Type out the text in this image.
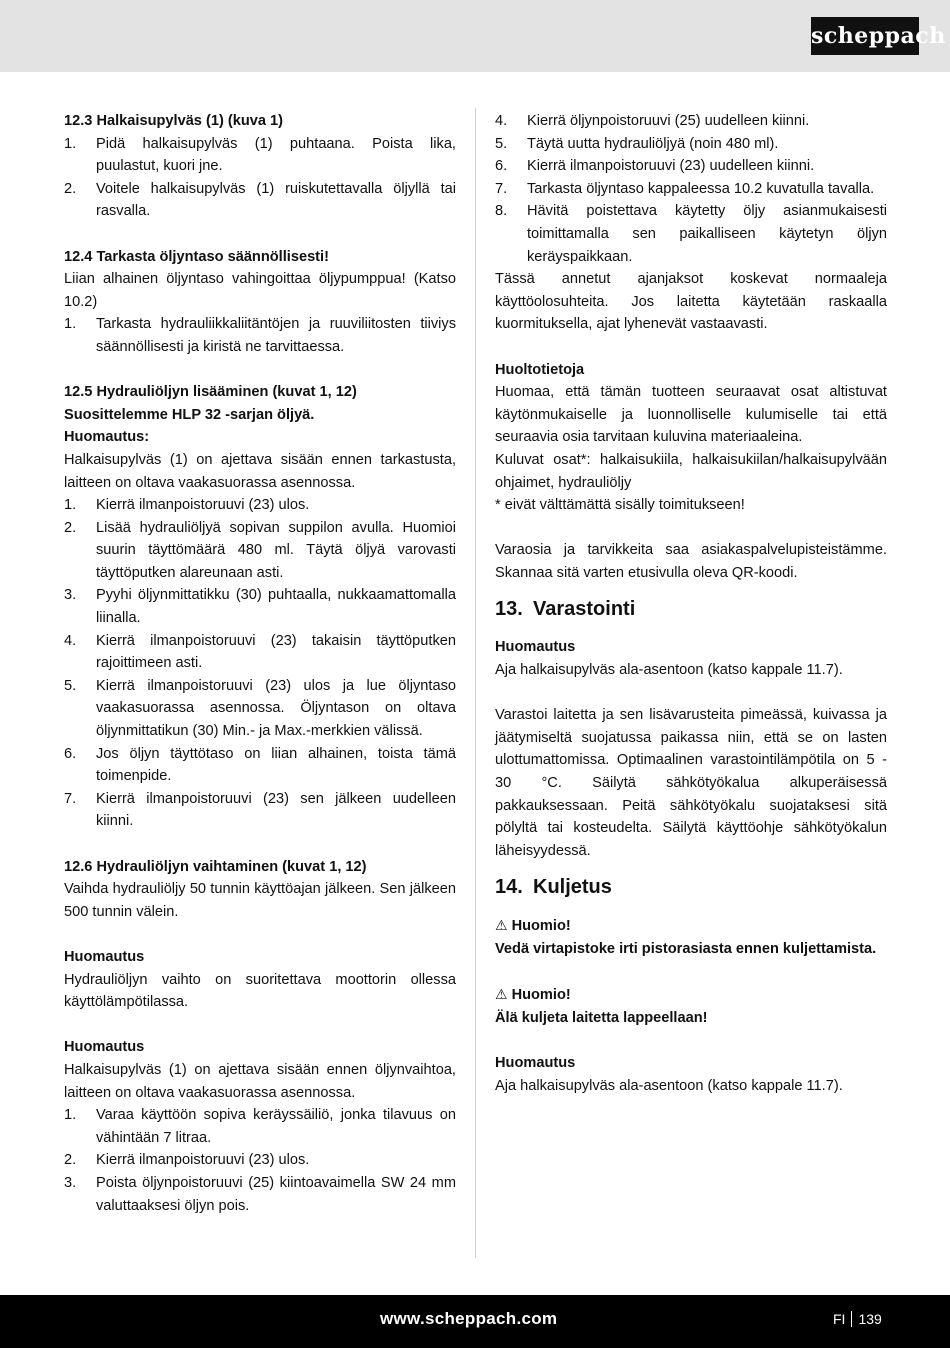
scheppach

12.3 Halkaisupylväs (1) (kuva 1)

1. Pidä halkaisupylväs (1) puhtaana. Poista lika, puulastut, kuori jne.
2. Voitele halkaisupylväs (1) ruiskutettavalla öljyllä tai rasvalla.

12.4 Tarkasta öljyntaso säännöllisesti!

Liian alhainen öljyntaso vahingoittaa öljypumppua! (Katso 10.2)

1. Tarkasta hydrauliikkaliitäntöjen ja ruuviliitosten tiiviys säännöllisesti ja kiristä ne tarvittaessa.

12.5 Hydrauliöljyn lisääminen (kuvat 1, 12)

Suosittelemme HLP 32 -sarjan öljyä.

Huomautus:

Halkaisupylväs (1) on ajettava sisään ennen tarkastusta, laitteen on oltava vaakasuorassa asennossa.

1. Kierrä ilmanpoistoruuvi (23) ulos.
2. Lisää hydrauliöljyä sopivan suppilon avulla. Huomioi suurin täyttömäärä 480 ml. Täytä öljyä varovasti täyttöputken alareunaan asti.
3. Pyyhi öljynmittatikku (30) puhtaalla, nukkaamattomalla liinalla.
4. Kierrä ilmanpoistoruuvi (23) takaisin täyttöputken rajoittimeen asti.
5. Kierrä ilmanpoistoruuvi (23) ulos ja lue öljyntaso vaakasuorassa asennossa. Öljyntason on oltava öljynmittatikun (30) Min.- ja Max.-merkkien välissä.
6. Jos öljyn täyttötaso on liian alhainen, toista tämä toimenpide.
7. Kierrä ilmanpoistoruuvi (23) sen jälkeen uudelleen kiinni.

12.6 Hydrauliöljyn vaihtaminen (kuvat 1, 12)

Vaihda hydrauliöljy 50 tunnin käyttöajan jälkeen. Sen jälkeen 500 tunnin välein.

Huomautus

Hydrauliöljyn vaihto on suoritettava moottorin ollessa käyttölämpötilassa.

Huomautus

Halkaisupylväs (1) on ajettava sisään ennen öljynvaihtoa, laitteen on oltava vaakasuorassa asennossa.

1. Varaa käyttöön sopiva keräyssäiliö, jonka tilavuus on vähintään 7 litraa.
2. Kierrä ilmanpoistoruuvi (23) ulos.
3. Poista öljynpoistoruuvi (25) kiintoavaimella SW 24 mm valuttaaksesi öljyn pois.
4. Kierrä öljynpoistoruuvi (25) uudelleen kiinni.
5. Täytä uutta hydrauliöljyä (noin 480 ml).
6. Kierrä ilmanpoistoruuvi (23) uudelleen kiinni.
7. Tarkasta öljyntaso kappaleessa 10.2 kuvatulla tavalla.
8. Hävitä poistettava käytetty öljy asianmukaisesti toimittamalla sen paikalliseen käytetyn öljyn keräyspaikkaan.

Tässä annetut ajanjaksot koskevat normaaleja käyttöolosuhteita. Jos laitetta käytetään raskaalla kuormituksella, ajat lyhenevät vastaavasti.

Huoltotietoja

Huomaa, että tämän tuotteen seuraavat osat altistuvat käytönmukaiselle ja luonnolliselle kulumiselle tai että seuraavia osia tarvitaan kuluvina materiaaleina.

Kuluvat osat*: halkaisukiila, halkaisukiilan/halkaisupylvään ohjaimet, hydrauliöljy

* eivät välttämättä sisälly toimitukseen!

Varaosia ja tarvikkeita saa asiakaspalvelupisteistämme. Skannaa sitä varten etusivulla oleva QR-koodi.

13. Varastointi

Huomautus

Aja halkaisupylväs ala-asentoon (katso kappale 11.7).

Varastoi laitetta ja sen lisävarusteita pimeässä, kuivassa ja jäätymiseltä suojatussa paikassa niin, että se on lasten ulottumattomissa. Optimaalinen varastointilämpötila on 5 - 30 °C. Säilytä sähkötyökalua alkuperäisessä pakkauksessaan. Peitä sähkötyökalu suojataksesi sitä pölyltä tai kosteudelta. Säilytä käyttöohje sähkötyökalun läheisyydessä.

14. Kuljetus

⚠ Huomio!

Vedä virtapistoke irti pistorasiasta ennen kuljettamista.

⚠ Huomio!

Älä kuljeta laitetta lappeellaan!

Huomautus

Aja halkaisupylväs ala-asentoon (katso kappale 11.7).

www.scheppach.com	FI 139
